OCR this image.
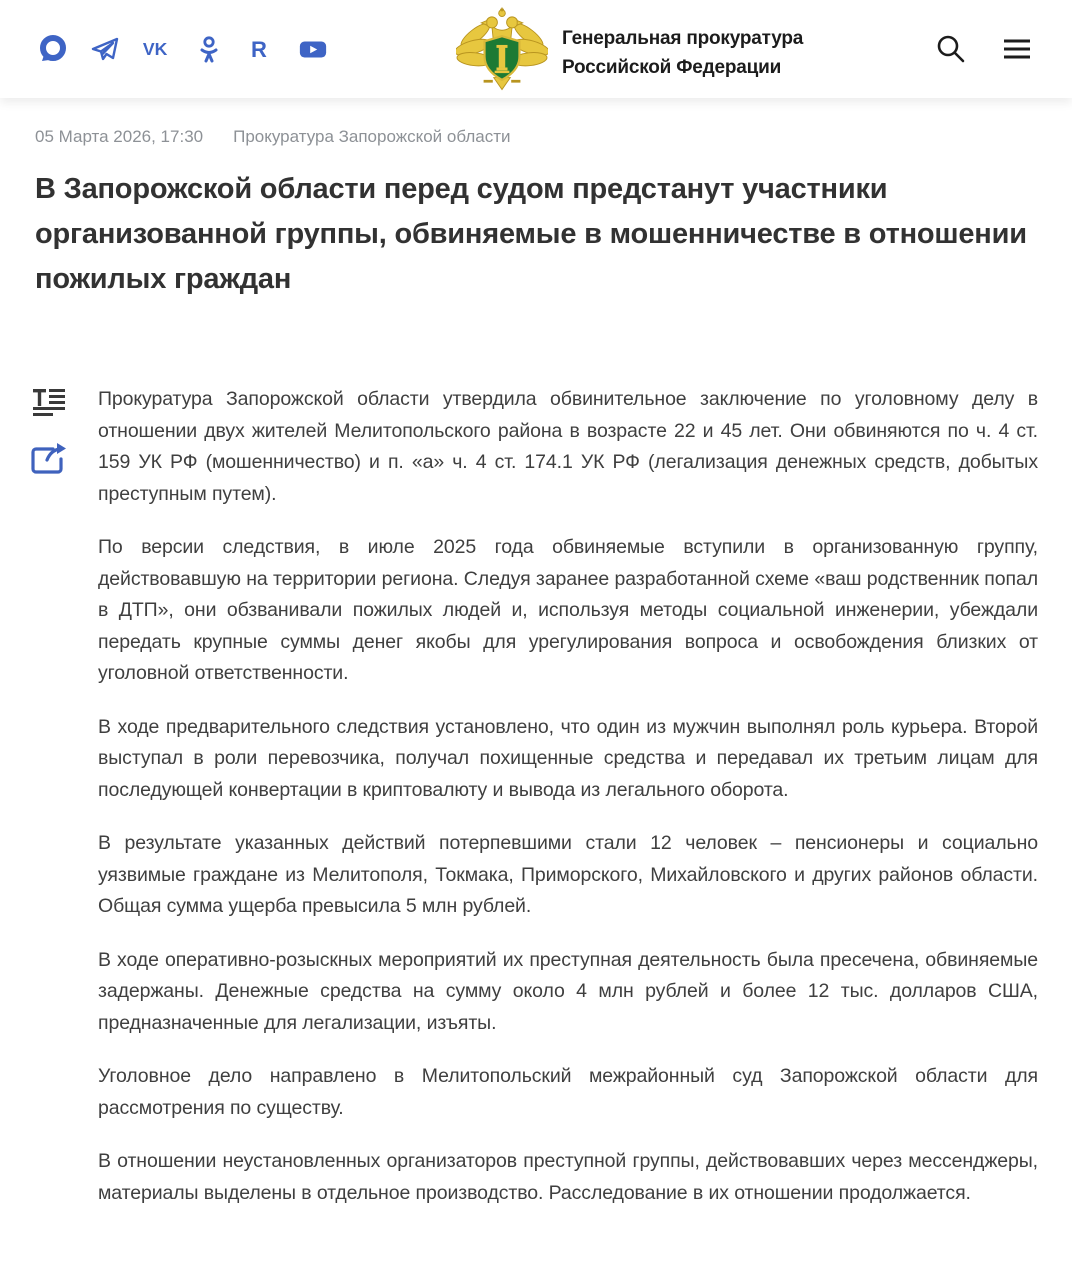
VK	R	Генеральная прокуратура
Российской Федерации
05 Марта 2026, 17:30 Прокуратура Запорожской области
В Запорожской области перед судом предстанут участники организованной группы, обвиняемые в мошенничестве в отношении пожилых граждан

Прокуратура Запорожской области утвердила обвинительное заключение по уголовному делу в отношении двух жителей Мелитопольского района в возрасте 22 и 45 лет. Они обвиняются по ч. 4 ст. 159 УК РФ (мошенничество) и п. «а» ч. 4 ст. 174.1 УК РФ (легализация денежных средств, добытых преступным путем).

По версии следствия, в июле 2025 года обвиняемые вступили в организованную группу, действовавшую на территории региона. Следуя заранее разработанной схеме «ваш родственник попал в ДТП», они обзванивали пожилых людей и, используя методы социальной инженерии, убеждали передать крупные суммы денег якобы для урегулирования вопроса и освобождения близких от уголовной ответственности.

В ходе предварительного следствия установлено, что один из мужчин выполнял роль курьера. Второй выступал в роли перевозчика, получал похищенные средства и передавал их третьим лицам для последующей конвертации в криптовалюту и вывода из легального оборота.

В результате указанных действий потерпевшими стали 12 человек – пенсионеры и социально уязвимые граждане из Мелитополя, Токмака, Приморского, Михайловского и других районов области. Общая сумма ущерба превысила 5 млн рублей.

В ходе оперативно-розыскных мероприятий их преступная деятельность была пресечена, обвиняемые задержаны. Денежные средства на сумму около 4 млн рублей и более 12 тыс. долларов США, предназначенные для легализации, изъяты.

Уголовное дело направлено в Мелитопольский межрайонный суд Запорожской области для рассмотрения по существу.

В отношении неустановленных организаторов преступной группы, действовавших через мессенджеры, материалы выделены в отдельное производство. Расследование в их отношении продолжается.
